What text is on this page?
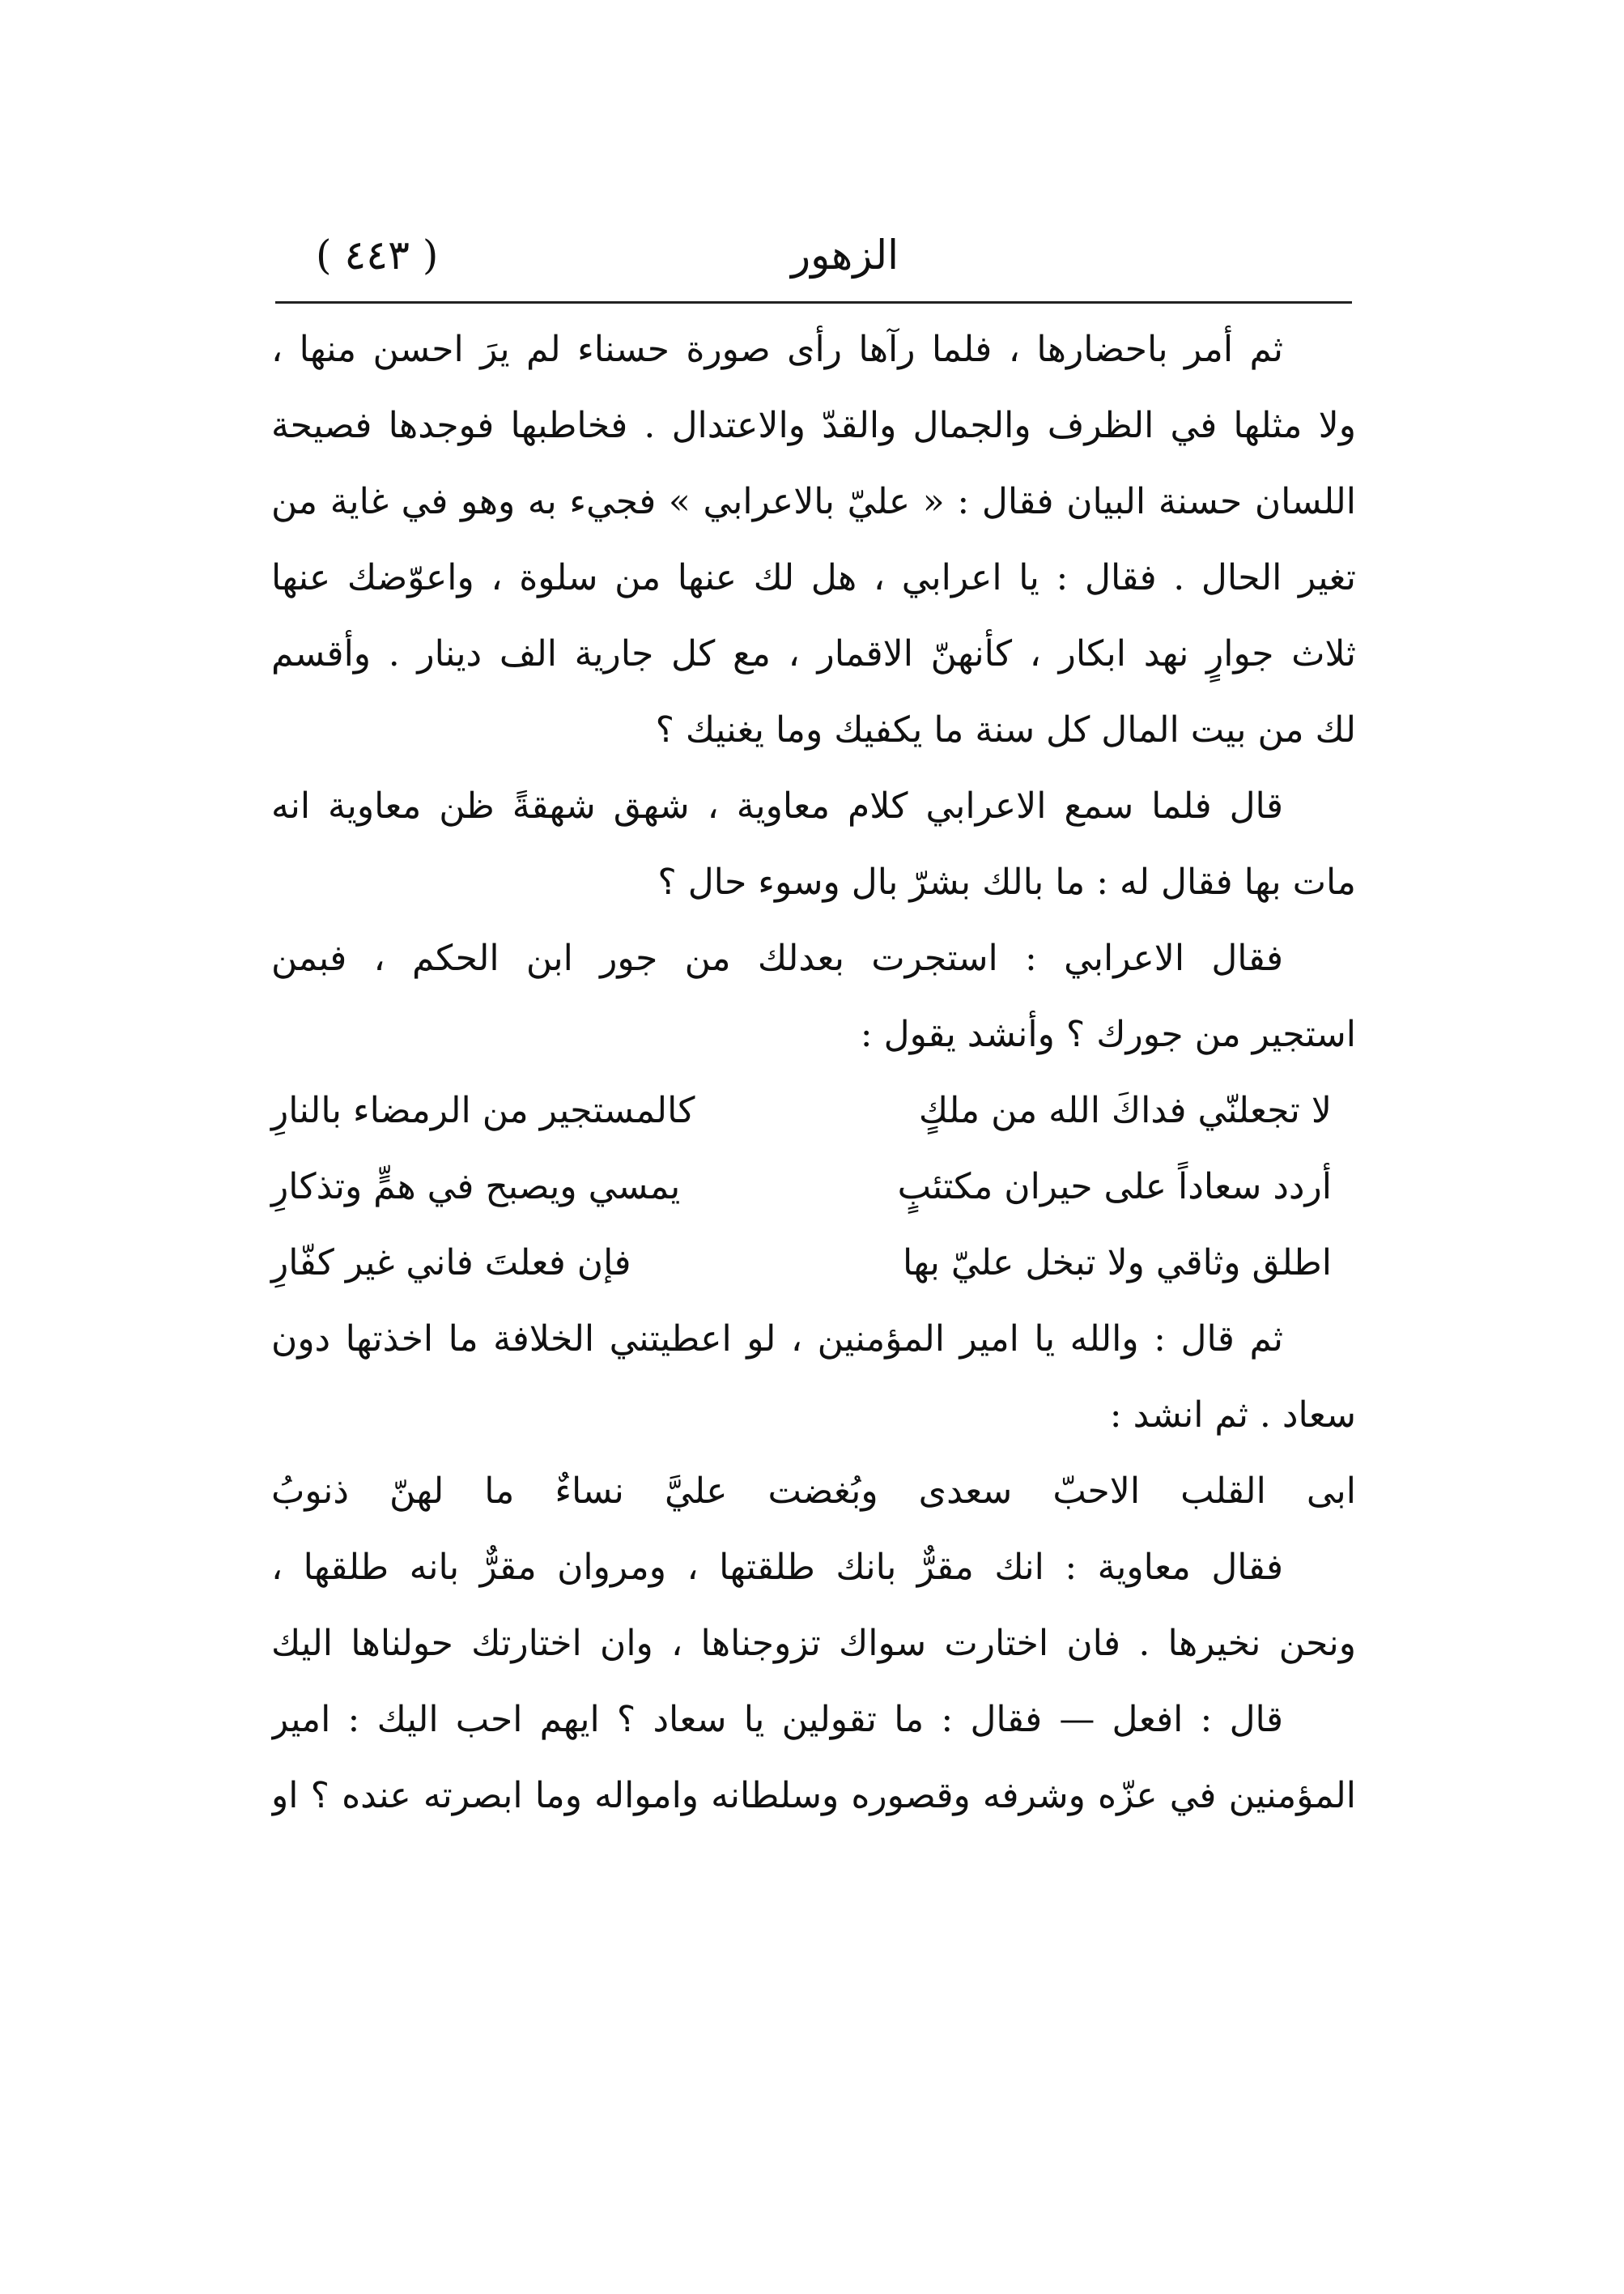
الزهور
( ٤٤٣ )
ثم أمر باحضارها ، فلما رآها رأى صورة حسناء لم يرَ احسن منها ،
ولا مثلها في الظرف والجمال والقدّ والاعتدال . فخاطبها فوجدها فصيحة
اللسان حسنة البيان فقال : « عليّ بالاعرابي » فجيء به وهو في غاية من
تغير الحال . فقال : يا اعرابي ، هل لك عنها من سلوة ، واعوّضك عنها
ثلاث جوارٍ نهد ابكار ، كأنهنّ الاقمار ، مع كل جارية الف دينار . وأقسم
لك من بيت المال كل سنة ما يكفيك وما يغنيك ؟
قال فلما سمع الاعرابي كلام معاوية ، شهق شهقةً ظن معاوية انه
مات بها فقال له : ما بالك بشرّ بال وسوء حال ؟
فقال الاعرابي : استجرت بعدلك من جور ابن الحكم ، فبمن
استجير من جورك ؟ وأنشد يقول :
لا تجعلنّي فداكَ الله من ملكٍ
كالمستجير من الرمضاء بالنارِ
أردد سعاداً على حيران مكتئبٍ
يمسي ويصبح في همٍّ وتذكارِ
اطلق وثاقي ولا تبخل عليّ بها
فإن فعلتَ فاني غير كفّارِ
ثم قال : والله يا امير المؤمنين ، لو اعطيتني الخلافة ما اخذتها دون
سعاد . ثم انشد :
ابى القلب الاحبّ سعدى وبُغضت عليَّ نساءٌ ما لهنّ ذنوبُ
فقال معاوية : انك مقرٌّ بانك طلقتها ، ومروان مقرٌّ بانه طلقها ،
ونحن نخيرها . فان اختارت سواك تزوجناها ، وان اختارتك حولناها اليك
قال : افعل — فقال : ما تقولين يا سعاد ؟ ايهم احب اليك : امير
المؤمنين في عزّه وشرفه وقصوره وسلطانه وامواله وما ابصرته عنده ؟ او
